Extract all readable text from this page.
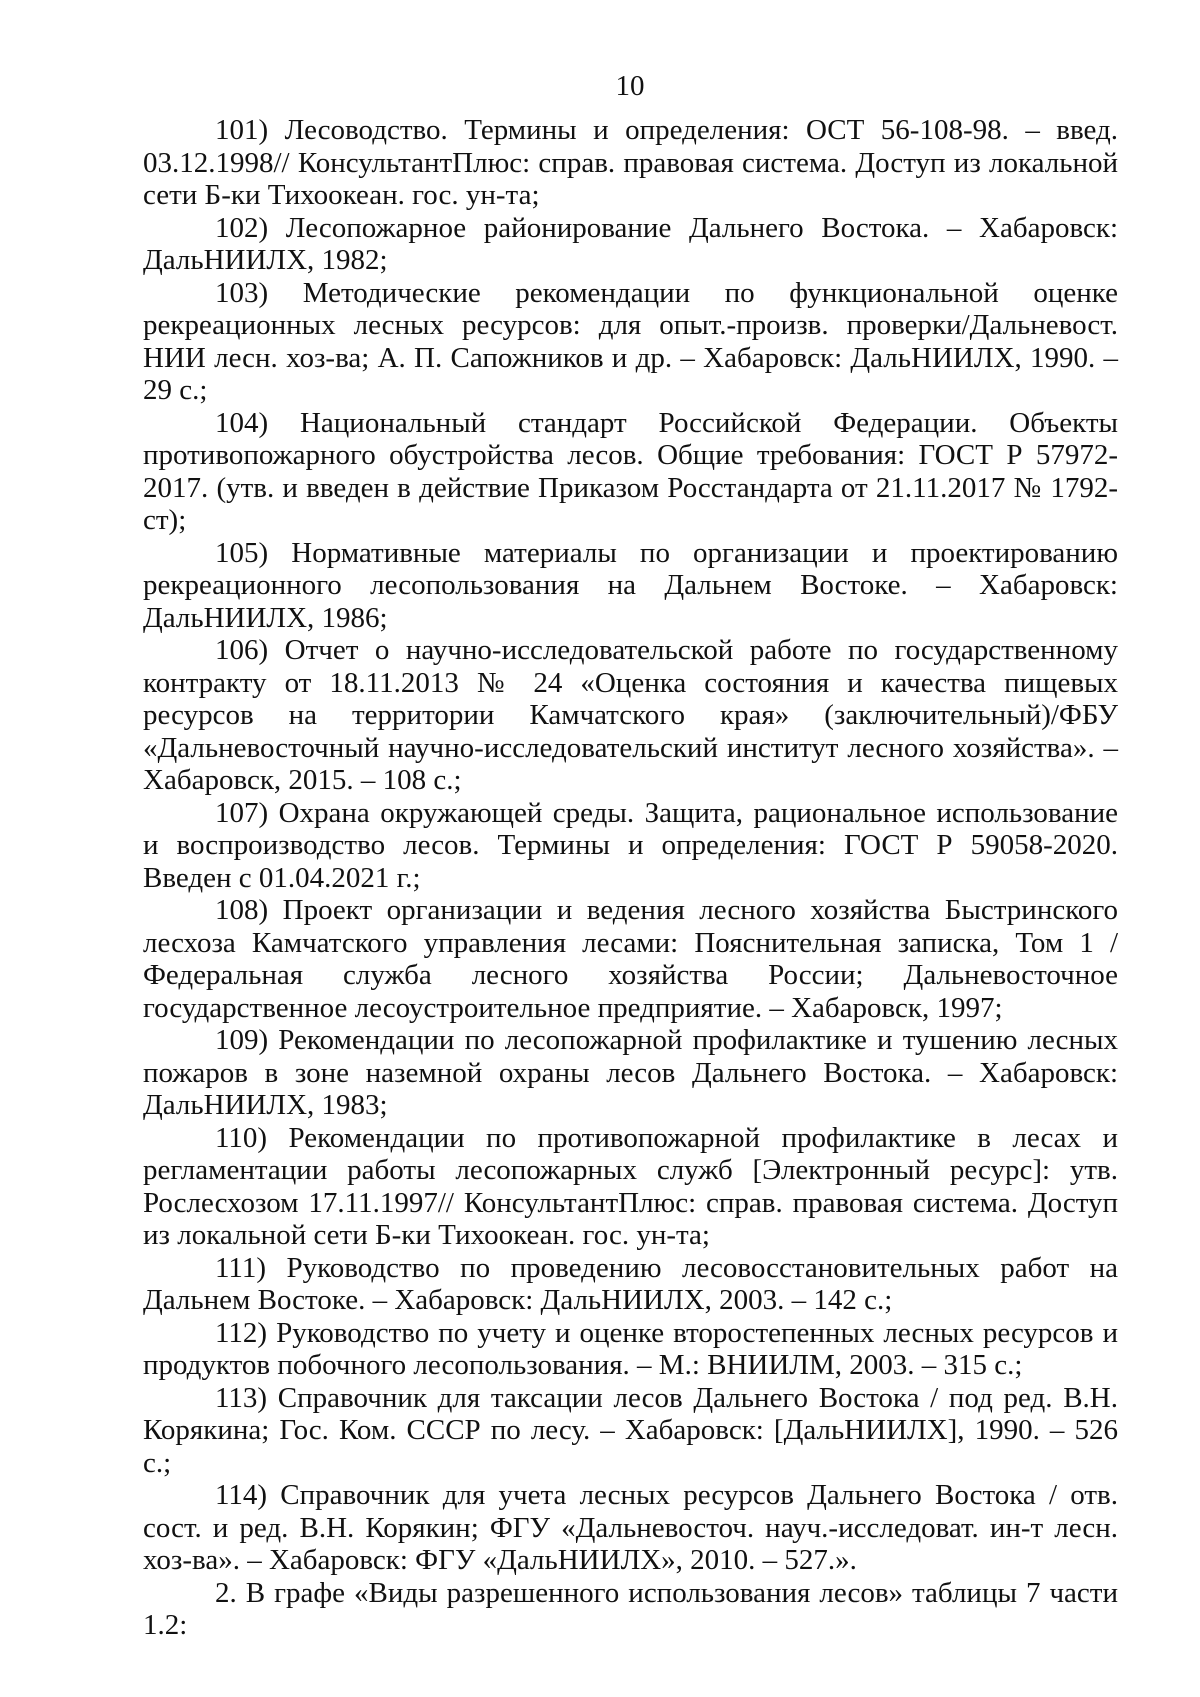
10

101) Лесоводство. Термины и определения: ОСТ 56-108-98. – введ. 03.12.1998// КонсультантПлюс: справ. правовая система. Доступ из локальной сети Б-ки Тихоокеан. гос. ун-та;

102) Лесопожарное районирование Дальнего Востока. – Хабаровск: ДальНИИЛХ, 1982;

103) Методические рекомендации по функциональной оценке рекреационных лесных ресурсов: для опыт.-произв. проверки/Дальневост. НИИ лесн. хоз-ва; А. П. Сапожников и др. – Хабаровск: ДальНИИЛХ, 1990. – 29 с.;

104) Национальный стандарт Российской Федерации. Объекты противопожарного обустройства лесов. Общие требования: ГОСТ Р 57972-2017. (утв. и введен в действие Приказом Росстандарта от 21.11.2017 № 1792-ст);

105) Нормативные материалы по организации и проектированию рекреационного лесопользования на Дальнем Востоке. – Хабаровск: ДальНИИЛХ, 1986;

106) Отчет о научно-исследовательской работе по государственному контракту от 18.11.2013 № 24 «Оценка состояния и качества пищевых ресурсов на территории Камчатского края» (заключительный)/ФБУ «Дальневосточный научно-исследовательский институт лесного хозяйства». – Хабаровск, 2015. – 108 с.;

107) Охрана окружающей среды. Защита, рациональное использование и воспроизводство лесов. Термины и определения: ГОСТ Р 59058-2020. Введен с 01.04.2021 г.;

108) Проект организации и ведения лесного хозяйства Быстринского лесхоза Камчатского управления лесами: Пояснительная записка, Том 1 / Федеральная служба лесного хозяйства России; Дальневосточное государственное лесоустроительное предприятие. – Хабаровск, 1997;

109) Рекомендации по лесопожарной профилактике и тушению лесных пожаров в зоне наземной охраны лесов Дальнего Востока. – Хабаровск: ДальНИИЛХ, 1983;

110) Рекомендации по противопожарной профилактике в лесах и регламентации работы лесопожарных служб [Электронный ресурс]: утв. Рослесхозом 17.11.1997// КонсультантПлюс: справ. правовая система. Доступ из локальной сети Б-ки Тихоокеан. гос. ун-та;

111) Руководство по проведению лесовосстановительных работ на Дальнем Востоке. – Хабаровск: ДальНИИЛХ, 2003. – 142 с.;

112) Руководство по учету и оценке второстепенных лесных ресурсов и продуктов побочного лесопользования. – М.: ВНИИЛМ, 2003. – 315 с.;

113) Справочник для таксации лесов Дальнего Востока / под ред. В.Н. Корякина; Гос. Ком. СССР по лесу. – Хабаровск: [ДальНИИЛХ], 1990. – 526 с.;

114) Справочник для учета лесных ресурсов Дальнего Востока / отв. сост. и ред. В.Н. Корякин; ФГУ «Дальневосточ. науч.-исследоват. ин-т лесн. хоз-ва». – Хабаровск: ФГУ «ДальНИИЛХ», 2010. – 527.».

2. В графе «Виды разрешенного использования лесов» таблицы 7 части 1.2:
